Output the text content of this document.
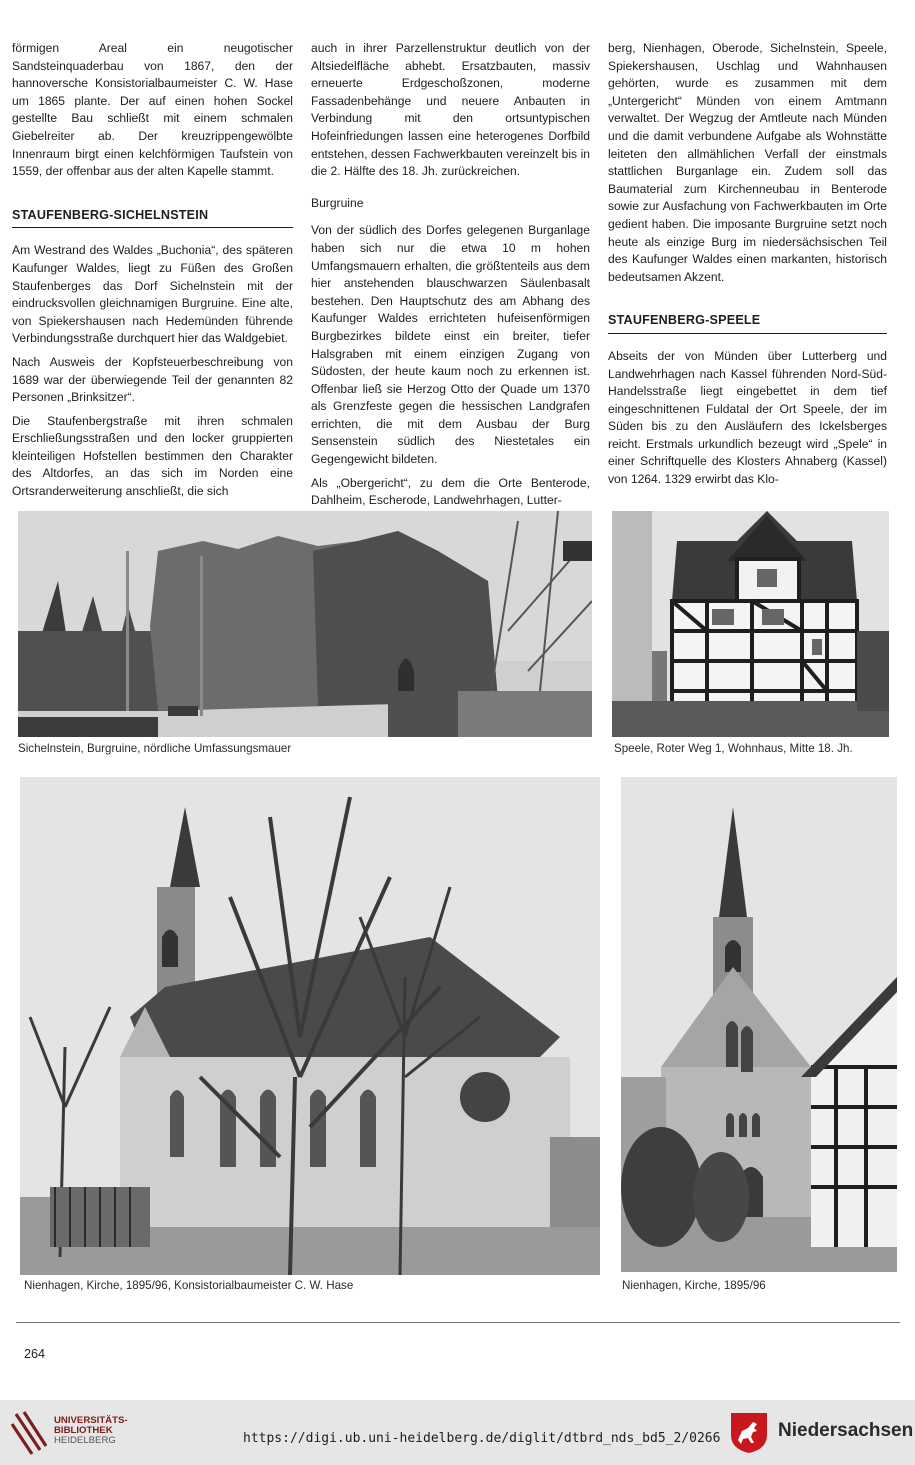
förmigen Areal ein neugotischer Sandsteinquaderbau von 1867, den der hannoversche Konsistorialbaumeister C. W. Hase um 1865 plante. Der auf einen hohen Sockel gestellte Bau schließt mit einem schmalen Giebelreiter ab. Der kreuzrippengewölbte Innenraum birgt einen kelchförmigen Taufstein von 1559, der offenbar aus der alten Kapelle stammt.

STAUFENBERG-SICHELNSTEIN

Am Westrand des Waldes „Buchonia“, des späteren Kaufunger Waldes, liegt zu Füßen des Großen Staufenberges das Dorf Sichelnstein mit der eindrucksvollen gleichnamigen Burgruine. Eine alte, von Spiekershausen nach Hedemünden führende Verbindungsstraße durchquert hier das Waldgebiet.

Nach Ausweis der Kopfsteuerbeschreibung von 1689 war der überwiegende Teil der genannten 82 Personen „Brinksitzer“.

Die Staufenbergstraße mit ihren schmalen Erschließungsstraßen und den locker gruppierten kleinteiligen Hofstellen bestimmen den Charakter des Altdorfes, an das sich im Norden eine Ortsranderweiterung anschließt, die sich

auch in ihrer Parzellenstruktur deutlich von der Altsiedelfläche abhebt. Ersatzbauten, massiv erneuerte Erdgeschoßzonen, moderne Fassadenbehänge und neuere Anbauten in Verbindung mit den ortsuntypischen Hofeinfriedungen lassen eine heterogenes Dorfbild entstehen, dessen Fachwerkbauten vereinzelt bis in die 2. Hälfte des 18. Jh. zurückreichen.

Burgruine

Von der südlich des Dorfes gelegenen Burganlage haben sich nur die etwa 10 m hohen Umfangsmauern erhalten, die größtenteils aus dem hier anstehenden blauschwarzen Säulenbasalt bestehen. Den Hauptschutz des am Abhang des Kaufunger Waldes errichteten hufeisenförmigen Burgbezirkes bildete einst ein breiter, tiefer Halsgraben mit einem einzigen Zugang von Südosten, der heute kaum noch zu erkennen ist. Offenbar ließ sie Herzog Otto der Quade um 1370 als Grenzfeste gegen die hessischen Landgrafen errichten, die mit dem Ausbau der Burg Sensenstein südlich des Niestetales ein Gegengewicht bildeten.

Als „Obergericht“, zu dem die Orte Benterode, Dahlheim, Escherode, Landwehrhagen, Lutter-

berg, Nienhagen, Oberode, Sichelnstein, Speele, Spiekershausen, Uschlag und Wahnhausen gehörten, wurde es zusammen mit dem „Untergericht“ Münden von einem Amtmann verwaltet. Der Wegzug der Amtleute nach Münden und die damit verbundene Aufgabe als Wohnstätte leiteten den allmählichen Verfall der einstmals stattlichen Burganlage ein. Zudem soll das Baumaterial zum Kirchenneubau in Benterode sowie zur Ausfachung von Fachwerkbauten im Orte gedient haben. Die imposante Burgruine setzt noch heute als einzige Burg im niedersächsischen Teil des Kaufunger Waldes einen markanten, historisch bedeutsamen Akzent.

STAUFENBERG-SPEELE

Abseits der von Münden über Lutterberg und Landwehrhagen nach Kassel führenden Nord-Süd-Handelsstraße liegt eingebettet in dem tief eingeschnittenen Fuldatal der Ort Speele, der im Süden bis zu den Ausläufern des Ickelsberges reicht. Erstmals urkundlich bezeugt wird „Spele“ in einer Schriftquelle des Klosters Ahnaberg (Kassel) von 1264. 1329 erwirbt das Klo-

Sichelnstein, Burgruine, nördliche Umfassungsmauer	Speele, Roter Weg 1, Wohnhaus, Mitte 18. Jh.
Nienhagen, Kirche, 1895/96, Konsistorialbaumeister C. W. Hase	Nienhagen, Kirche, 1895/96
264
UNIVERSITÄTS-
BIBLIOTHEK
HEIDELBERG	https://digi.ub.uni-heidelberg.de/diglit/dtbrd_nds_bd5_2/0266	Niedersachsen
